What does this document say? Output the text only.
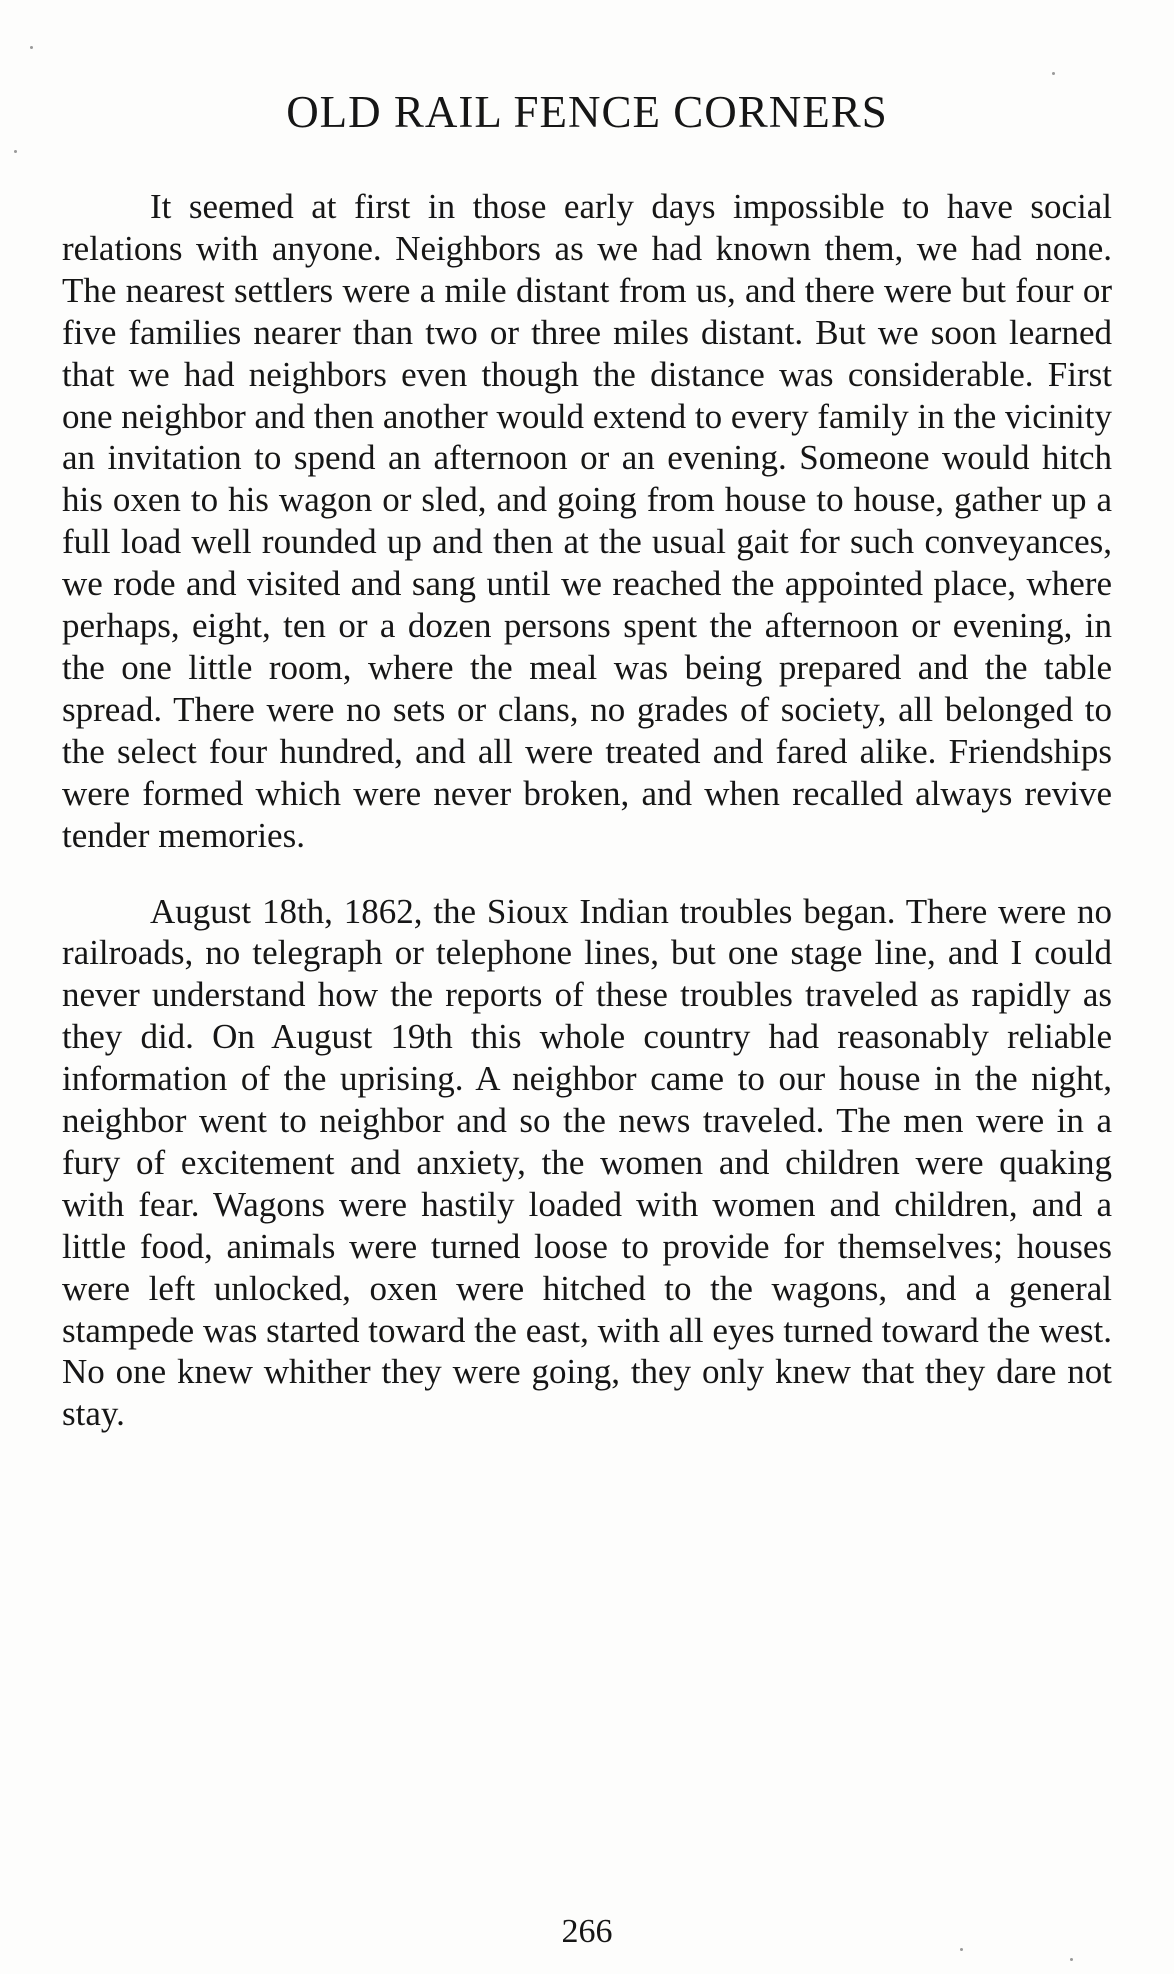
OLD RAIL FENCE CORNERS

It seemed at first in those early days impossible to have social relations with anyone. Neighbors as we had known them, we had none. The nearest settlers were a mile distant from us, and there were but four or five families nearer than two or three miles distant. But we soon learned that we had neighbors even though the distance was considerable. First one neighbor and then another would extend to every family in the vicinity an invitation to spend an afternoon or an evening. Someone would hitch his oxen to his wagon or sled, and going from house to house, gather up a full load well rounded up and then at the usual gait for such conveyances, we rode and visited and sang until we reached the appointed place, where perhaps, eight, ten or a dozen persons spent the afternoon or evening, in the one little room, where the meal was being prepared and the table spread. There were no sets or clans, no grades of society, all belonged to the select four hundred, and all were treated and fared alike. Friendships were formed which were never broken, and when recalled always revive tender memories.

August 18th, 1862, the Sioux Indian troubles began. There were no railroads, no telegraph or telephone lines, but one stage line, and I could never understand how the reports of these troubles traveled as rapidly as they did. On August 19th this whole country had reasonably reliable information of the uprising. A neighbor came to our house in the night, neighbor went to neighbor and so the news traveled. The men were in a fury of excitement and anxiety, the women and children were quaking with fear. Wagons were hastily loaded with women and children, and a little food, animals were turned loose to provide for themselves; houses were left unlocked, oxen were hitched to the wagons, and a general stampede was started toward the east, with all eyes turned toward the west. No one knew whither they were going, they only knew that they dare not stay.

266
